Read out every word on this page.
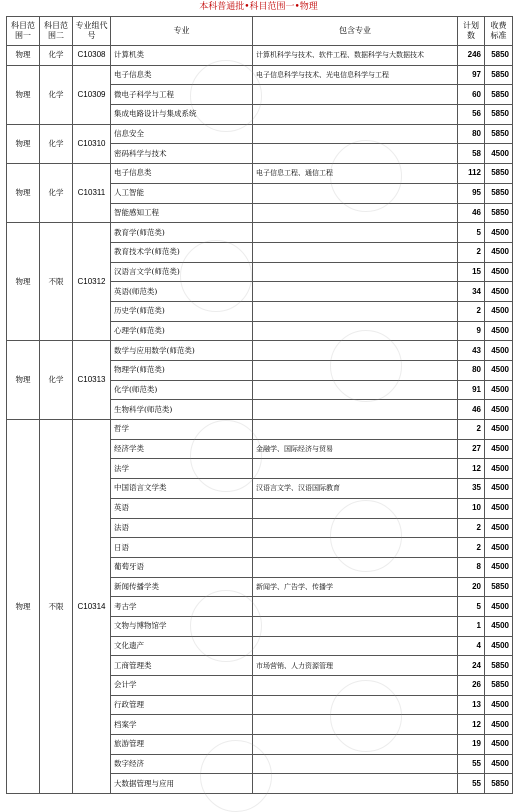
本科普通批•科目范围一•物理
科目范围一	科目范围二	专业组代号	专业	包含专业	计划数	收费标准
物理	化学	C10308	计算机类	计算机科学与技术、软件工程、数据科学与大数据技术	246	5850
物理	化学	C10309	电子信息类	电子信息科学与技术、光电信息科学与工程	97	5850
			微电子科学与工程		60	5850
			集成电路设计与集成系统		56	5850
物理	化学	C10310	信息安全		80	5850
			密码科学与技术		58	4500
物理	化学	C10311	电子信息类	电子信息工程、通信工程	112	5850
			人工智能		95	5850
			智能感知工程		46	5850
物理	不限	C10312	教育学(师范类)		5	4500
			教育技术学(师范类)		2	4500
			汉语言文学(师范类)		15	4500
			英语(师范类)		34	4500
			历史学(师范类)		2	4500
			心理学(师范类)		9	4500
物理	化学	C10313	数学与应用数学(师范类)		43	4500
			物理学(师范类)		80	4500
			化学(师范类)		91	4500
			生物科学(师范类)		46	4500
物理	不限	C10314	哲学		2	4500
			经济学类	金融学、国际经济与贸易	27	4500
			法学		12	4500
			中国语言文学类	汉语言文学、汉语国际教育	35	4500
			英语		10	4500
			法语		2	4500
			日语		2	4500
			葡萄牙语		8	4500
			新闻传播学类	新闻学、广告学、传播学	20	5850
			考古学		5	4500
			文物与博物馆学		1	4500
			文化遗产		4	4500
			工商管理类	市场营销、人力资源管理	24	5850
			会计学		26	5850
			行政管理		13	4500
			档案学		12	4500
			旅游管理		19	4500
			数字经济		55	4500
			大数据管理与应用		55	5850
